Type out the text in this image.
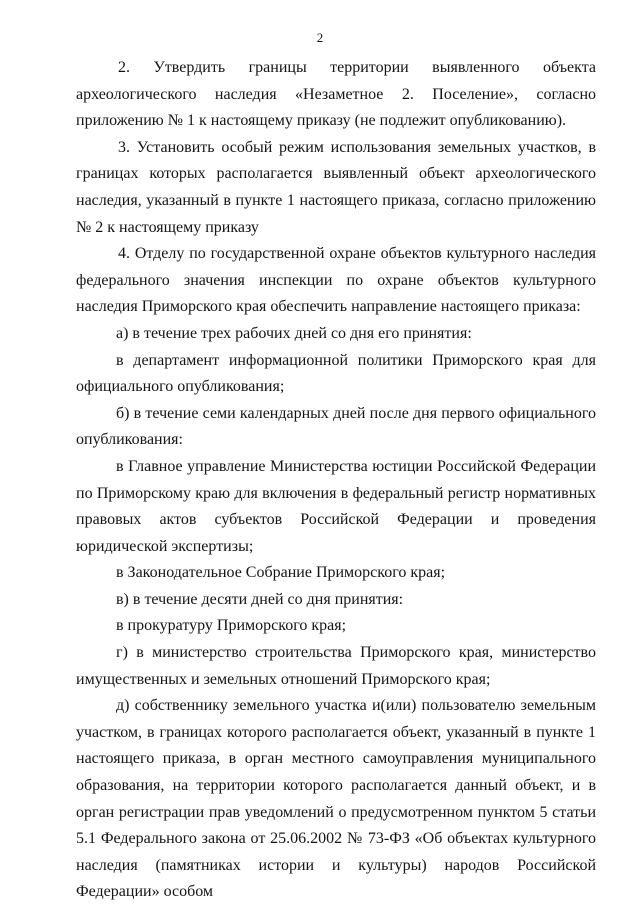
2

2. Утвердить границы территории выявленного объекта археологического наследия «Незаметное 2. Поселение», согласно приложению № 1 к настоящему приказу (не подлежит опубликованию).

3. Установить особый режим использования земельных участков, в границах которых располагается выявленный объект археологического наследия, указанный в пункте 1 настоящего приказа, согласно приложению № 2 к настоящему приказу

4. Отделу по государственной охране объектов культурного наследия федерального значения инспекции по охране объектов культурного наследия Приморского края обеспечить направление настоящего приказа:

а) в течение трех рабочих дней со дня его принятия:

в департамент информационной политики Приморского края для официального опубликования;

б) в течение семи календарных дней после дня первого официального опубликования:

в Главное управление Министерства юстиции Российской Федерации по Приморскому краю для включения в федеральный регистр нормативных правовых актов субъектов Российской Федерации и проведения юридической экспертизы;

в Законодательное Собрание Приморского края;

в) в течение десяти дней со дня принятия:

в прокуратуру Приморского края;

г) в министерство строительства Приморского края, министерство имущественных и земельных отношений Приморского края;

д) собственнику земельного участка и(или) пользователю земельным участком, в границах которого располагается объект, указанный в пункте 1 настоящего приказа, в орган местного самоуправления муниципального образования, на территории которого располагается данный объект, и в орган регистрации прав уведомлений о предусмотренном пунктом 5 статьи 5.1 Федерального закона от 25.06.2002 № 73-ФЗ «Об объектах культурного наследия (памятниках истории и культуры) народов Российской Федерации» особом
